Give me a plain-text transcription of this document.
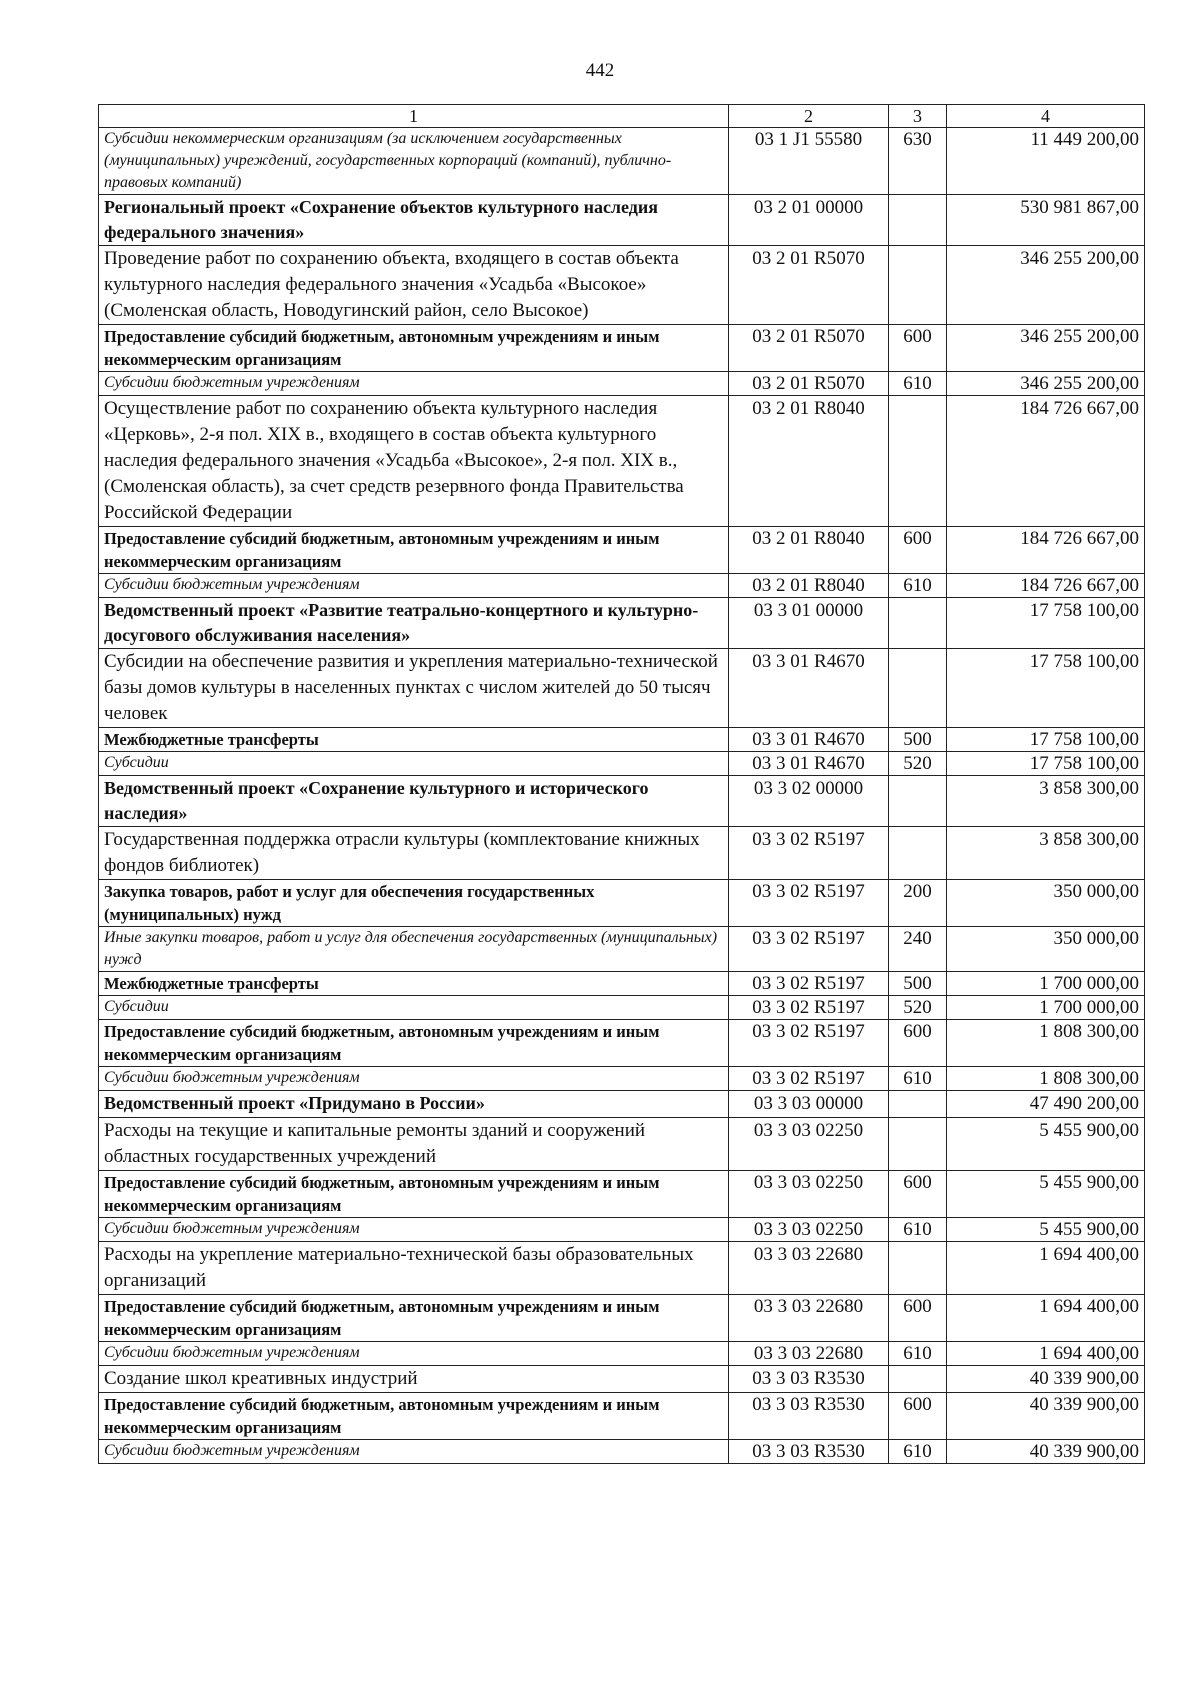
442
1	2	3	4
Субсидии некоммерческим организациям (за исключением государственных (муниципальных) учреждений, государственных корпораций (компаний), публично-правовых компаний)	03 1 J1 55580	630	11 449 200,00
Региональный проект «Сохранение объектов культурного наследия федерального значения»	03 2 01 00000		530 981 867,00
Проведение работ по сохранению объекта, входящего в состав объекта культурного наследия федерального значения «Усадьба «Высокое» (Смоленская область, Новодугинский район, село Высокое)	03 2 01 R5070		346 255 200,00
Предоставление субсидий бюджетным, автономным учреждениям и иным некоммерческим организациям	03 2 01 R5070	600	346 255 200,00
Субсидии бюджетным учреждениям	03 2 01 R5070	610	346 255 200,00
Осуществление работ по сохранению объекта культурного наследия «Церковь», 2-я пол. XIX в., входящего в состав объекта культурного наследия федерального значения «Усадьба «Высокое», 2-я пол. XIX в., (Смоленская область), за счет средств резервного фонда Правительства Российской Федерации	03 2 01 R8040		184 726 667,00
Предоставление субсидий бюджетным, автономным учреждениям и иным некоммерческим организациям	03 2 01 R8040	600	184 726 667,00
Субсидии бюджетным учреждениям	03 2 01 R8040	610	184 726 667,00
Ведомственный проект «Развитие театрально-концертного и культурно-досугового обслуживания населения»	03 3 01 00000		17 758 100,00
Субсидии на обеспечение развития и укрепления материально-технической базы домов культуры в населенных пунктах с числом жителей до 50 тысяч человек	03 3 01 R4670		17 758 100,00
Межбюджетные трансферты	03 3 01 R4670	500	17 758 100,00
Субсидии	03 3 01 R4670	520	17 758 100,00
Ведомственный проект «Сохранение культурного и исторического наследия»	03 3 02 00000		3 858 300,00
Государственная поддержка отрасли культуры (комплектование книжных фондов библиотек)	03 3 02 R5197		3 858 300,00
Закупка товаров, работ и услуг для обеспечения государственных (муниципальных) нужд	03 3 02 R5197	200	350 000,00
Иные закупки товаров, работ и услуг для обеспечения государственных (муниципальных) нужд	03 3 02 R5197	240	350 000,00
Межбюджетные трансферты	03 3 02 R5197	500	1 700 000,00
Субсидии	03 3 02 R5197	520	1 700 000,00
Предоставление субсидий бюджетным, автономным учреждениям и иным некоммерческим организациям	03 3 02 R5197	600	1 808 300,00
Субсидии бюджетным учреждениям	03 3 02 R5197	610	1 808 300,00
Ведомственный проект «Придумано в России»	03 3 03 00000		47 490 200,00
Расходы на текущие и капитальные ремонты зданий и сооружений областных государственных учреждений	03 3 03 02250		5 455 900,00
Предоставление субсидий бюджетным, автономным учреждениям и иным некоммерческим организациям	03 3 03 02250	600	5 455 900,00
Субсидии бюджетным учреждениям	03 3 03 02250	610	5 455 900,00
Расходы на укрепление материально-технической базы образовательных организаций	03 3 03 22680		1 694 400,00
Предоставление субсидий бюджетным, автономным учреждениям и иным некоммерческим организациям	03 3 03 22680	600	1 694 400,00
Субсидии бюджетным учреждениям	03 3 03 22680	610	1 694 400,00
Создание школ креативных индустрий	03 3 03 R3530		40 339 900,00
Предоставление субсидий бюджетным, автономным учреждениям и иным некоммерческим организациям	03 3 03 R3530	600	40 339 900,00
Субсидии бюджетным учреждениям	03 3 03 R3530	610	40 339 900,00
